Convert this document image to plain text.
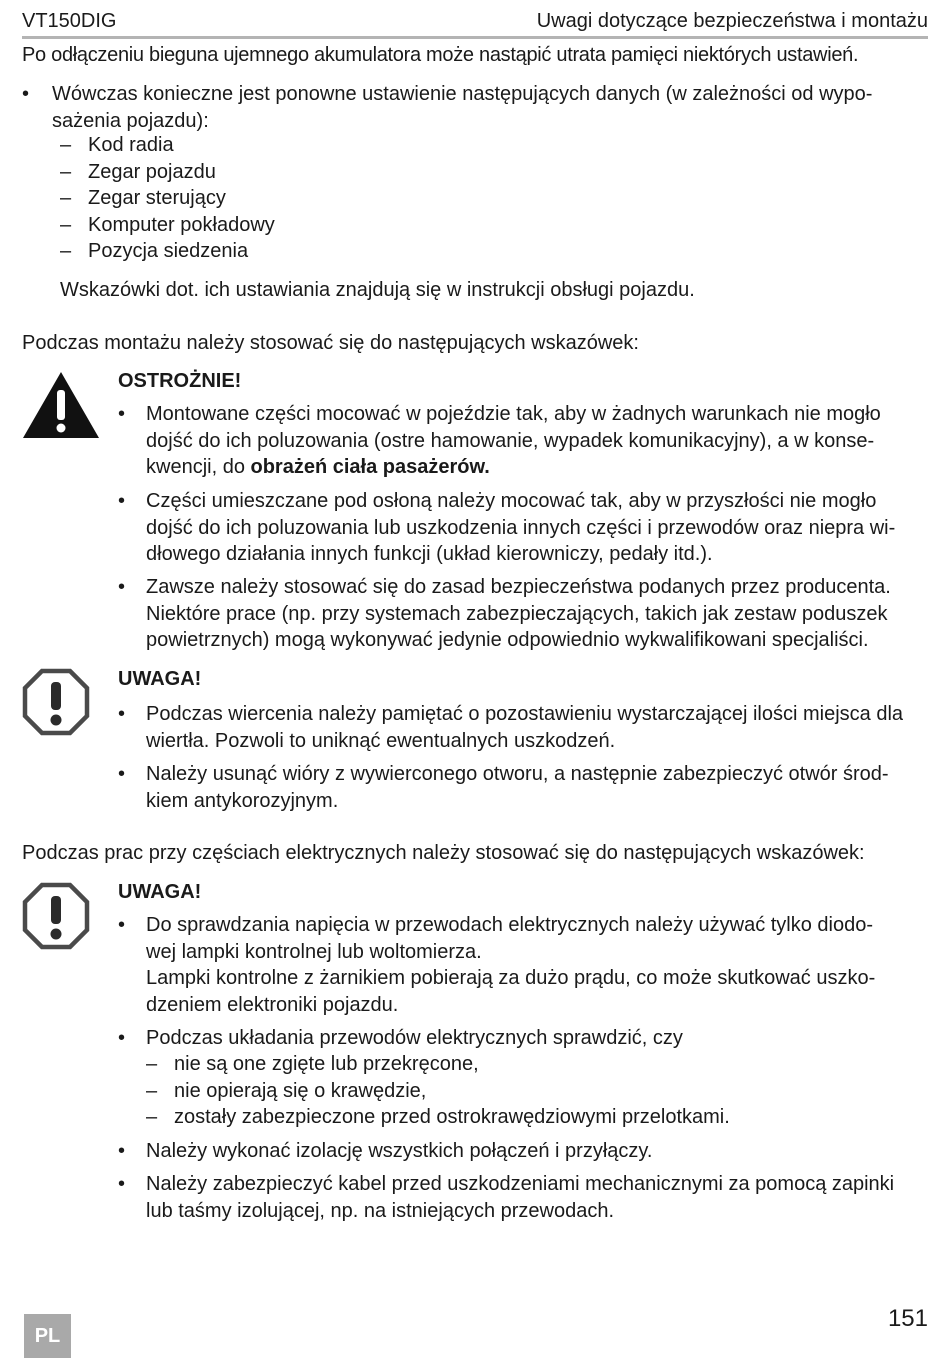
VT150DIG	Uwagi dotyczące bezpieczeństwa i montażu
Po odłączeniu bieguna ujemnego akumulatora może nastąpić utrata pamięci niektórych ustawień.
• Wówczas konieczne jest ponowne ustawienie następujących danych (w zależności od wypo-
sażenia pojazdu):
– Kod radia
– Zegar pojazdu
– Zegar sterujący
– Komputer pokładowy
– Pozycja siedzenia
Wskazówki dot. ich ustawiania znajdują się w instrukcji obsługi pojazdu.
Podczas montażu należy stosować się do następujących wskazówek:
OSTROŻNIE!
• Montowane części mocować w pojeździe tak, aby w żadnych warunkach nie mogło
dojść do ich poluzowania (ostre hamowanie, wypadek komunikacyjny), a w konse-
kwencji, do obrażeń ciała pasażerów.
• Części umieszczane pod osłoną należy mocować tak, aby w przyszłości nie mogło
dojść do ich poluzowania lub uszkodzenia innych części i przewodów oraz niepra wi-
dłowego działania innych funkcji (układ kierowniczy, pedały itd.).
• Zawsze należy stosować się do zasad bezpieczeństwa podanych przez producenta.
Niektóre prace (np. przy systemach zabezpieczających, takich jak zestaw poduszek
powietrznych) mogą wykonywać jedynie odpowiednio wykwalifikowani specjaliści.
UWAGA!
• Podczas wiercenia należy pamiętać o pozostawieniu wystarczającej ilości miejsca dla
wiertła. Pozwoli to uniknąć ewentualnych uszkodzeń.
• Należy usunąć wióry z wywierconego otworu, a następnie zabezpieczyć otwór środ-
kiem antykorozyjnym.
Podczas prac przy częściach elektrycznych należy stosować się do następujących wskazówek:
UWAGA!
• Do sprawdzania napięcia w przewodach elektrycznych należy używać tylko diodo-
wej lampki kontrolnej lub woltomierza.
Lampki kontrolne z żarnikiem pobierają za dużo prądu, co może skutkować uszko-
dzeniem elektroniki pojazdu.
• Podczas układania przewodów elektrycznych sprawdzić, czy
– nie są one zgięte lub przekręcone,
– nie opierają się o krawędzie,
– zostały zabezpieczone przed ostrokrawędziowymi przelotkami.
• Należy wykonać izolację wszystkich połączeń i przyłączy.
• Należy zabezpieczyć kabel przed uszkodzeniami mechanicznymi za pomocą zapinki
lub taśmy izolującej, np. na istniejących przewodach.
PL
151
